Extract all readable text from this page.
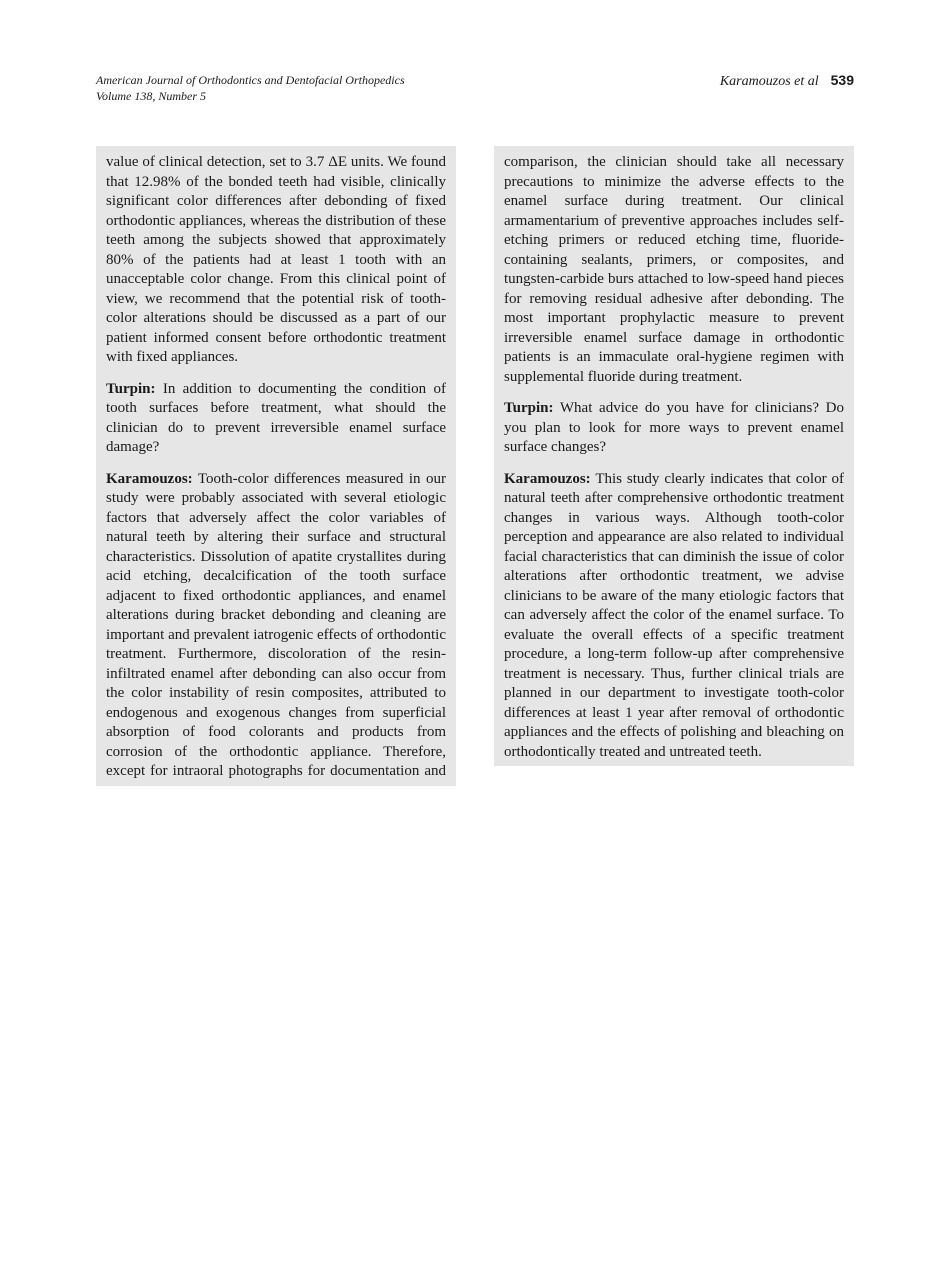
American Journal of Orthodontics and Dentofacial Orthopedics
Volume 138, Number 5
Karamouzos et al 539

value of clinical detection, set to 3.7 ΔE units. We found that 12.98% of the bonded teeth had visible, clinically significant color differences after debonding of fixed orthodontic appliances, whereas the distribution of these teeth among the subjects showed that approximately 80% of the patients had at least 1 tooth with an unacceptable color change. From this clinical point of view, we recommend that the potential risk of tooth-color alterations should be discussed as a part of our patient informed consent before orthodontic treatment with fixed appliances.

Turpin: In addition to documenting the condition of tooth surfaces before treatment, what should the clinician do to prevent irreversible enamel surface damage?

Karamouzos: Tooth-color differences measured in our study were probably associated with several etiologic factors that adversely affect the color variables of natural teeth by altering their surface and structural characteristics. Dissolution of apatite crystallites during acid etching, decalcification of the tooth surface adjacent to fixed orthodontic appliances, and enamel alterations during bracket debonding and cleaning are important and prevalent iatrogenic effects of orthodontic treatment. Furthermore, discoloration of the resin-infiltrated enamel after debonding can also occur from the color instability of resin composites, attributed to endogenous and exogenous changes from superficial absorption of food colorants and products from corrosion of the orthodontic appliance. Therefore, except for intraoral photographs for documentation and

comparison, the clinician should take all necessary precautions to minimize the adverse effects to the enamel surface during treatment. Our clinical armamentarium of preventive approaches includes self-etching primers or reduced etching time, fluoride-containing sealants, primers, or composites, and tungsten-carbide burs attached to low-speed hand pieces for removing residual adhesive after debonding. The most important prophylactic measure to prevent irreversible enamel surface damage in orthodontic patients is an immaculate oral-hygiene regimen with supplemental fluoride during treatment.

Turpin: What advice do you have for clinicians? Do you plan to look for more ways to prevent enamel surface changes?

Karamouzos: This study clearly indicates that color of natural teeth after comprehensive orthodontic treatment changes in various ways. Although tooth-color perception and appearance are also related to individual facial characteristics that can diminish the issue of color alterations after orthodontic treatment, we advise clinicians to be aware of the many etiologic factors that can adversely affect the color of the enamel surface. To evaluate the overall effects of a specific treatment procedure, a long-term follow-up after comprehensive treatment is necessary. Thus, further clinical trials are planned in our department to investigate tooth-color differences at least 1 year after removal of orthodontic appliances and the effects of polishing and bleaching on orthodontically treated and untreated teeth.
